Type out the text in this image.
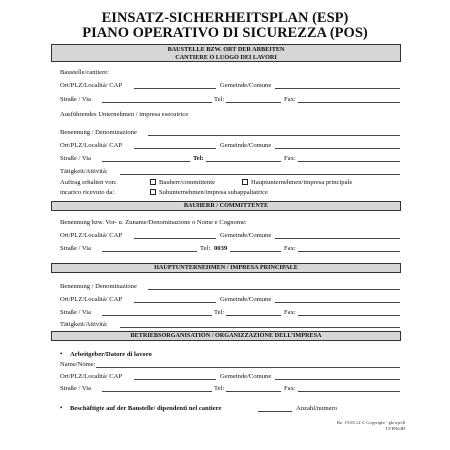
EINSATZ-SICHERHEITSPLAN (ESP)
PIANO OPERATIVO DI SICUREZZA (POS)
BAUSTELLE BZW. ORT DER ARBEITEN
CANTIERE O LUOGO DEI LAVORI
Baustelle/cantiere:
Ort/PLZ/Località/ CAP	Gemeinde/Comune
Straße / Via	Tel:	Fax:
Ausführendes Unternehmen / impresa esecutrice
Benennung / Denominazione
Ort/PLZ/Località/ CAP	Gemeinde/Comune
Straße / Via	Tel:	Fax:
Tätigkeit/Attività:
Auftrag erhalten von:	Bauherr/committente	Hauptunternehmen/impresa principale
incarico ricevuto da:	Subunternehmen/impresa subappaltatrice
BAUHERR / COMMITTENTE
Benennung bzw. Vor- u. Zuname/Denominazione o Nome e Cognome:
Ort/PLZ/Località/ CAP	Gemeinde/Comune
Straße / Via	Tel: 0039	Fax:
HAUPTUNTERNEHMEN / IMPRESA PRINCIPALE
Benennung / Denominazione
Ort/PLZ/Località/ CAP	Gemeinde/Comune
Straße / Via	Tel:	Fax:
Tätigkeit/Attività:
BETRIEBSORGANISATION / ORGANIZZAZIONE DELL’IMPRESA
• Arbeitgeber/Datore di lavoro
Name/Nome:
Ort/PLZ/Località/ CAP	Gemeinde/Comune
Straße / Via	Tel:	Fax:
• Beschäftigte auf der Baustelle/ dipendenti nel cantiere	Anzahl/numero
Rz. 19.03.12 © Copyright - gk/wp/dl
LVH/KdH
